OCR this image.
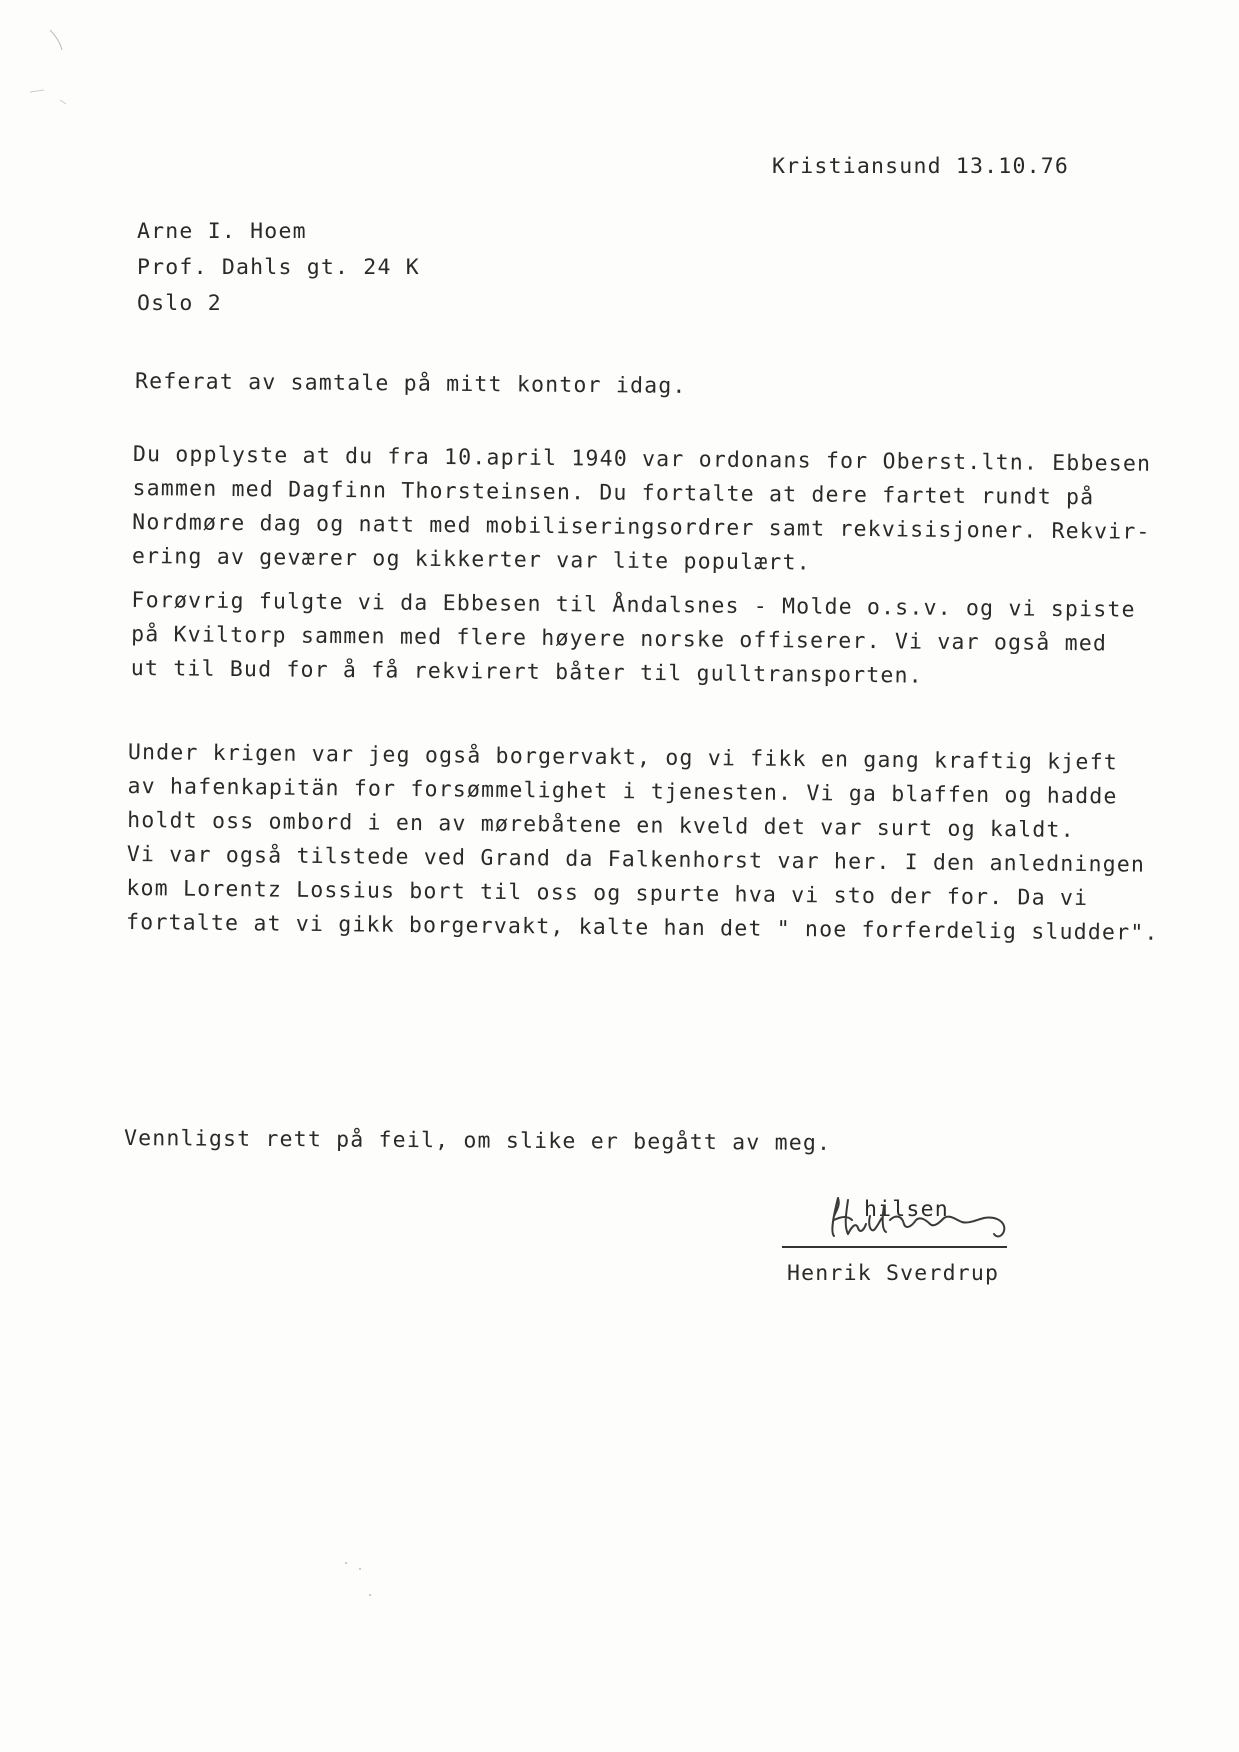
Kristiansund 13.10.76
Arne I. Hoem
Prof. Dahls gt. 24 K
Oslo 2
Referat av samtale på mitt kontor idag.
Du opplyste at du fra 10.april 1940 var ordonans for Oberst.ltn. Ebbesen
sammen med Dagfinn Thorsteinsen. Du fortalte at dere fartet rundt på
Nordmøre dag og natt med mobiliseringsordrer samt rekvisisjoner. Rekvir-
ering av geværer og kikkerter var lite populært.
Forøvrig fulgte vi da Ebbesen til Åndalsnes - Molde o.s.v. og vi spiste
på Kviltorp sammen med flere høyere norske offiserer. Vi var også med
ut til Bud for å få rekvirert båter til gulltransporten.
Under krigen var jeg også borgervakt, og vi fikk en gang kraftig kjeft
av hafenkapitän for forsømmelighet i tjenesten. Vi ga blaffen og hadde
holdt oss ombord i en av mørebåtene en kveld det var surt og kaldt.
Vi var også tilstede ved Grand da Falkenhorst var her. I den anledningen
kom Lorentz Lossius bort til oss og spurte hva vi sto der for. Da vi
fortalte at vi gikk borgervakt, kalte han det " noe forferdelig sludder".
Vennligst rett på feil, om slike er begått av meg.
hilsen
Henrik Sverdrup
